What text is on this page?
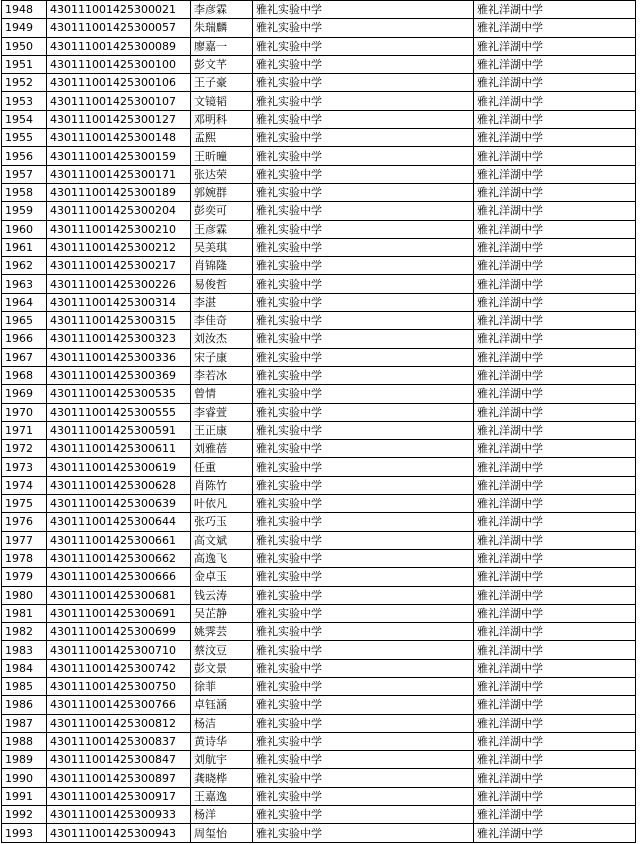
1948	430111001425300021	李彦霖	雅礼实验中学	雅礼洋湖中学
1949	430111001425300057	朱瑞麟	雅礼实验中学	雅礼洋湖中学
1950	430111001425300089	廖嘉一	雅礼实验中学	雅礼洋湖中学
1951	430111001425300100	彭文芊	雅礼实验中学	雅礼洋湖中学
1952	430111001425300106	王子豪	雅礼实验中学	雅礼洋湖中学
1953	430111001425300107	文镜韬	雅礼实验中学	雅礼洋湖中学
1954	430111001425300127	邓明科	雅礼实验中学	雅礼洋湖中学
1955	430111001425300148	孟熙	雅礼实验中学	雅礼洋湖中学
1956	430111001425300159	王昕曈	雅礼实验中学	雅礼洋湖中学
1957	430111001425300171	张达荣	雅礼实验中学	雅礼洋湖中学
1958	430111001425300189	郭婉群	雅礼实验中学	雅礼洋湖中学
1959	430111001425300204	彭奕可	雅礼实验中学	雅礼洋湖中学
1960	430111001425300210	王彦霖	雅礼实验中学	雅礼洋湖中学
1961	430111001425300212	吴美琪	雅礼实验中学	雅礼洋湖中学
1962	430111001425300217	肖锦隆	雅礼实验中学	雅礼洋湖中学
1963	430111001425300226	易俊哲	雅礼实验中学	雅礼洋湖中学
1964	430111001425300314	李湛	雅礼实验中学	雅礼洋湖中学
1965	430111001425300315	李佳奇	雅礼实验中学	雅礼洋湖中学
1966	430111001425300323	刘汝杰	雅礼实验中学	雅礼洋湖中学
1967	430111001425300336	宋子康	雅礼实验中学	雅礼洋湖中学
1968	430111001425300369	李若冰	雅礼实验中学	雅礼洋湖中学
1969	430111001425300535	曾情	雅礼实验中学	雅礼洋湖中学
1970	430111001425300555	李睿萱	雅礼实验中学	雅礼洋湖中学
1971	430111001425300591	王正康	雅礼实验中学	雅礼洋湖中学
1972	430111001425300611	刘雅蓓	雅礼实验中学	雅礼洋湖中学
1973	430111001425300619	任重	雅礼实验中学	雅礼洋湖中学
1974	430111001425300628	肖陈竹	雅礼实验中学	雅礼洋湖中学
1975	430111001425300639	叶依凡	雅礼实验中学	雅礼洋湖中学
1976	430111001425300644	张巧玉	雅礼实验中学	雅礼洋湖中学
1977	430111001425300661	高文斌	雅礼实验中学	雅礼洋湖中学
1978	430111001425300662	高逸飞	雅礼实验中学	雅礼洋湖中学
1979	430111001425300666	金卓玉	雅礼实验中学	雅礼洋湖中学
1980	430111001425300681	钱云涛	雅礼实验中学	雅礼洋湖中学
1981	430111001425300691	吴芷静	雅礼实验中学	雅礼洋湖中学
1982	430111001425300699	姚霁芸	雅礼实验中学	雅礼洋湖中学
1983	430111001425300710	蔡汶豆	雅礼实验中学	雅礼洋湖中学
1984	430111001425300742	彭文景	雅礼实验中学	雅礼洋湖中学
1985	430111001425300750	徐菲	雅礼实验中学	雅礼洋湖中学
1986	430111001425300766	卓钰涵	雅礼实验中学	雅礼洋湖中学
1987	430111001425300812	杨洁	雅礼实验中学	雅礼洋湖中学
1988	430111001425300837	黄诗华	雅礼实验中学	雅礼洋湖中学
1989	430111001425300847	刘航宇	雅礼实验中学	雅礼洋湖中学
1990	430111001425300897	龚晓桦	雅礼实验中学	雅礼洋湖中学
1991	430111001425300917	王嘉逸	雅礼实验中学	雅礼洋湖中学
1992	430111001425300933	杨洋	雅礼实验中学	雅礼洋湖中学
1993	430111001425300943	周玺怡	雅礼实验中学	雅礼洋湖中学
